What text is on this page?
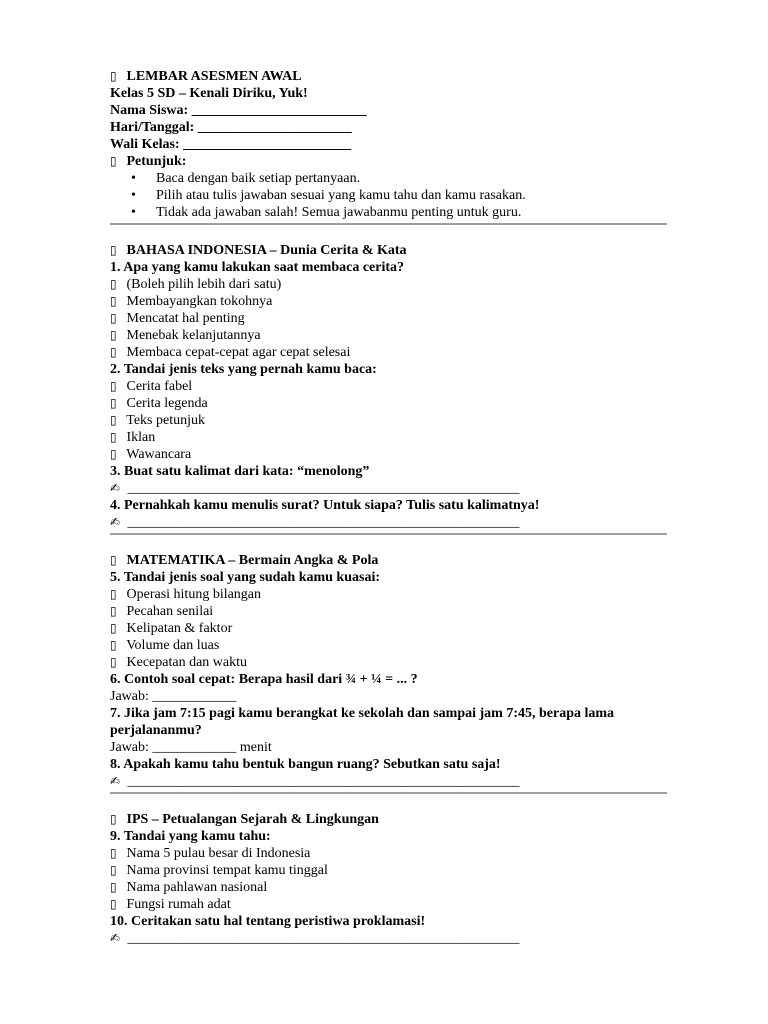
▯ LEMBAR ASESMEN AWAL
Kelas 5 SD – Kenali Diriku, Yuk!
Nama Siswa: _________________________
Hari/Tanggal: ______________________
Wali Kelas: ________________________
▯ Petunjuk:
• Baca dengan baik setiap pertanyaan.
• Pilih atau tulis jawaban sesuai yang kamu tahu dan kamu rasakan.
• Tidak ada jawaban salah! Semua jawabanmu penting untuk guru.
▯ BAHASA INDONESIA – Dunia Cerita & Kata
1. Apa yang kamu lakukan saat membaca cerita?
▯ (Boleh pilih lebih dari satu)
▯ Membayangkan tokohnya
▯ Mencatat hal penting
▯ Menebak kelanjutannya
▯ Membaca cepat-cepat agar cepat selesai
2. Tandai jenis teks yang pernah kamu baca:
▯ Cerita fabel
▯ Cerita legenda
▯ Teks petunjuk
▯ Iklan
▯ Wawancara
3. Buat satu kalimat dari kata: “menolong”
✍ ________________________________________________________
4. Pernahkah kamu menulis surat? Untuk siapa? Tulis satu kalimatnya!
✍ ________________________________________________________
▯ MATEMATIKA – Bermain Angka & Pola
5. Tandai jenis soal yang sudah kamu kuasai:
▯ Operasi hitung bilangan
▯ Pecahan senilai
▯ Kelipatan & faktor
▯ Volume dan luas
▯ Kecepatan dan waktu
6. Contoh soal cepat: Berapa hasil dari ¾ + ¼ = ... ?
Jawab: ____________
7. Jika jam 7:15 pagi kamu berangkat ke sekolah dan sampai jam 7:45, berapa lama
perjalananmu?
Jawab: ____________ menit
8. Apakah kamu tahu bentuk bangun ruang? Sebutkan satu saja!
✍ ________________________________________________________
▯ IPS – Petualangan Sejarah & Lingkungan
9. Tandai yang kamu tahu:
▯ Nama 5 pulau besar di Indonesia
▯ Nama provinsi tempat kamu tinggal
▯ Nama pahlawan nasional
▯ Fungsi rumah adat
10. Ceritakan satu hal tentang peristiwa proklamasi!
✍ ________________________________________________________
